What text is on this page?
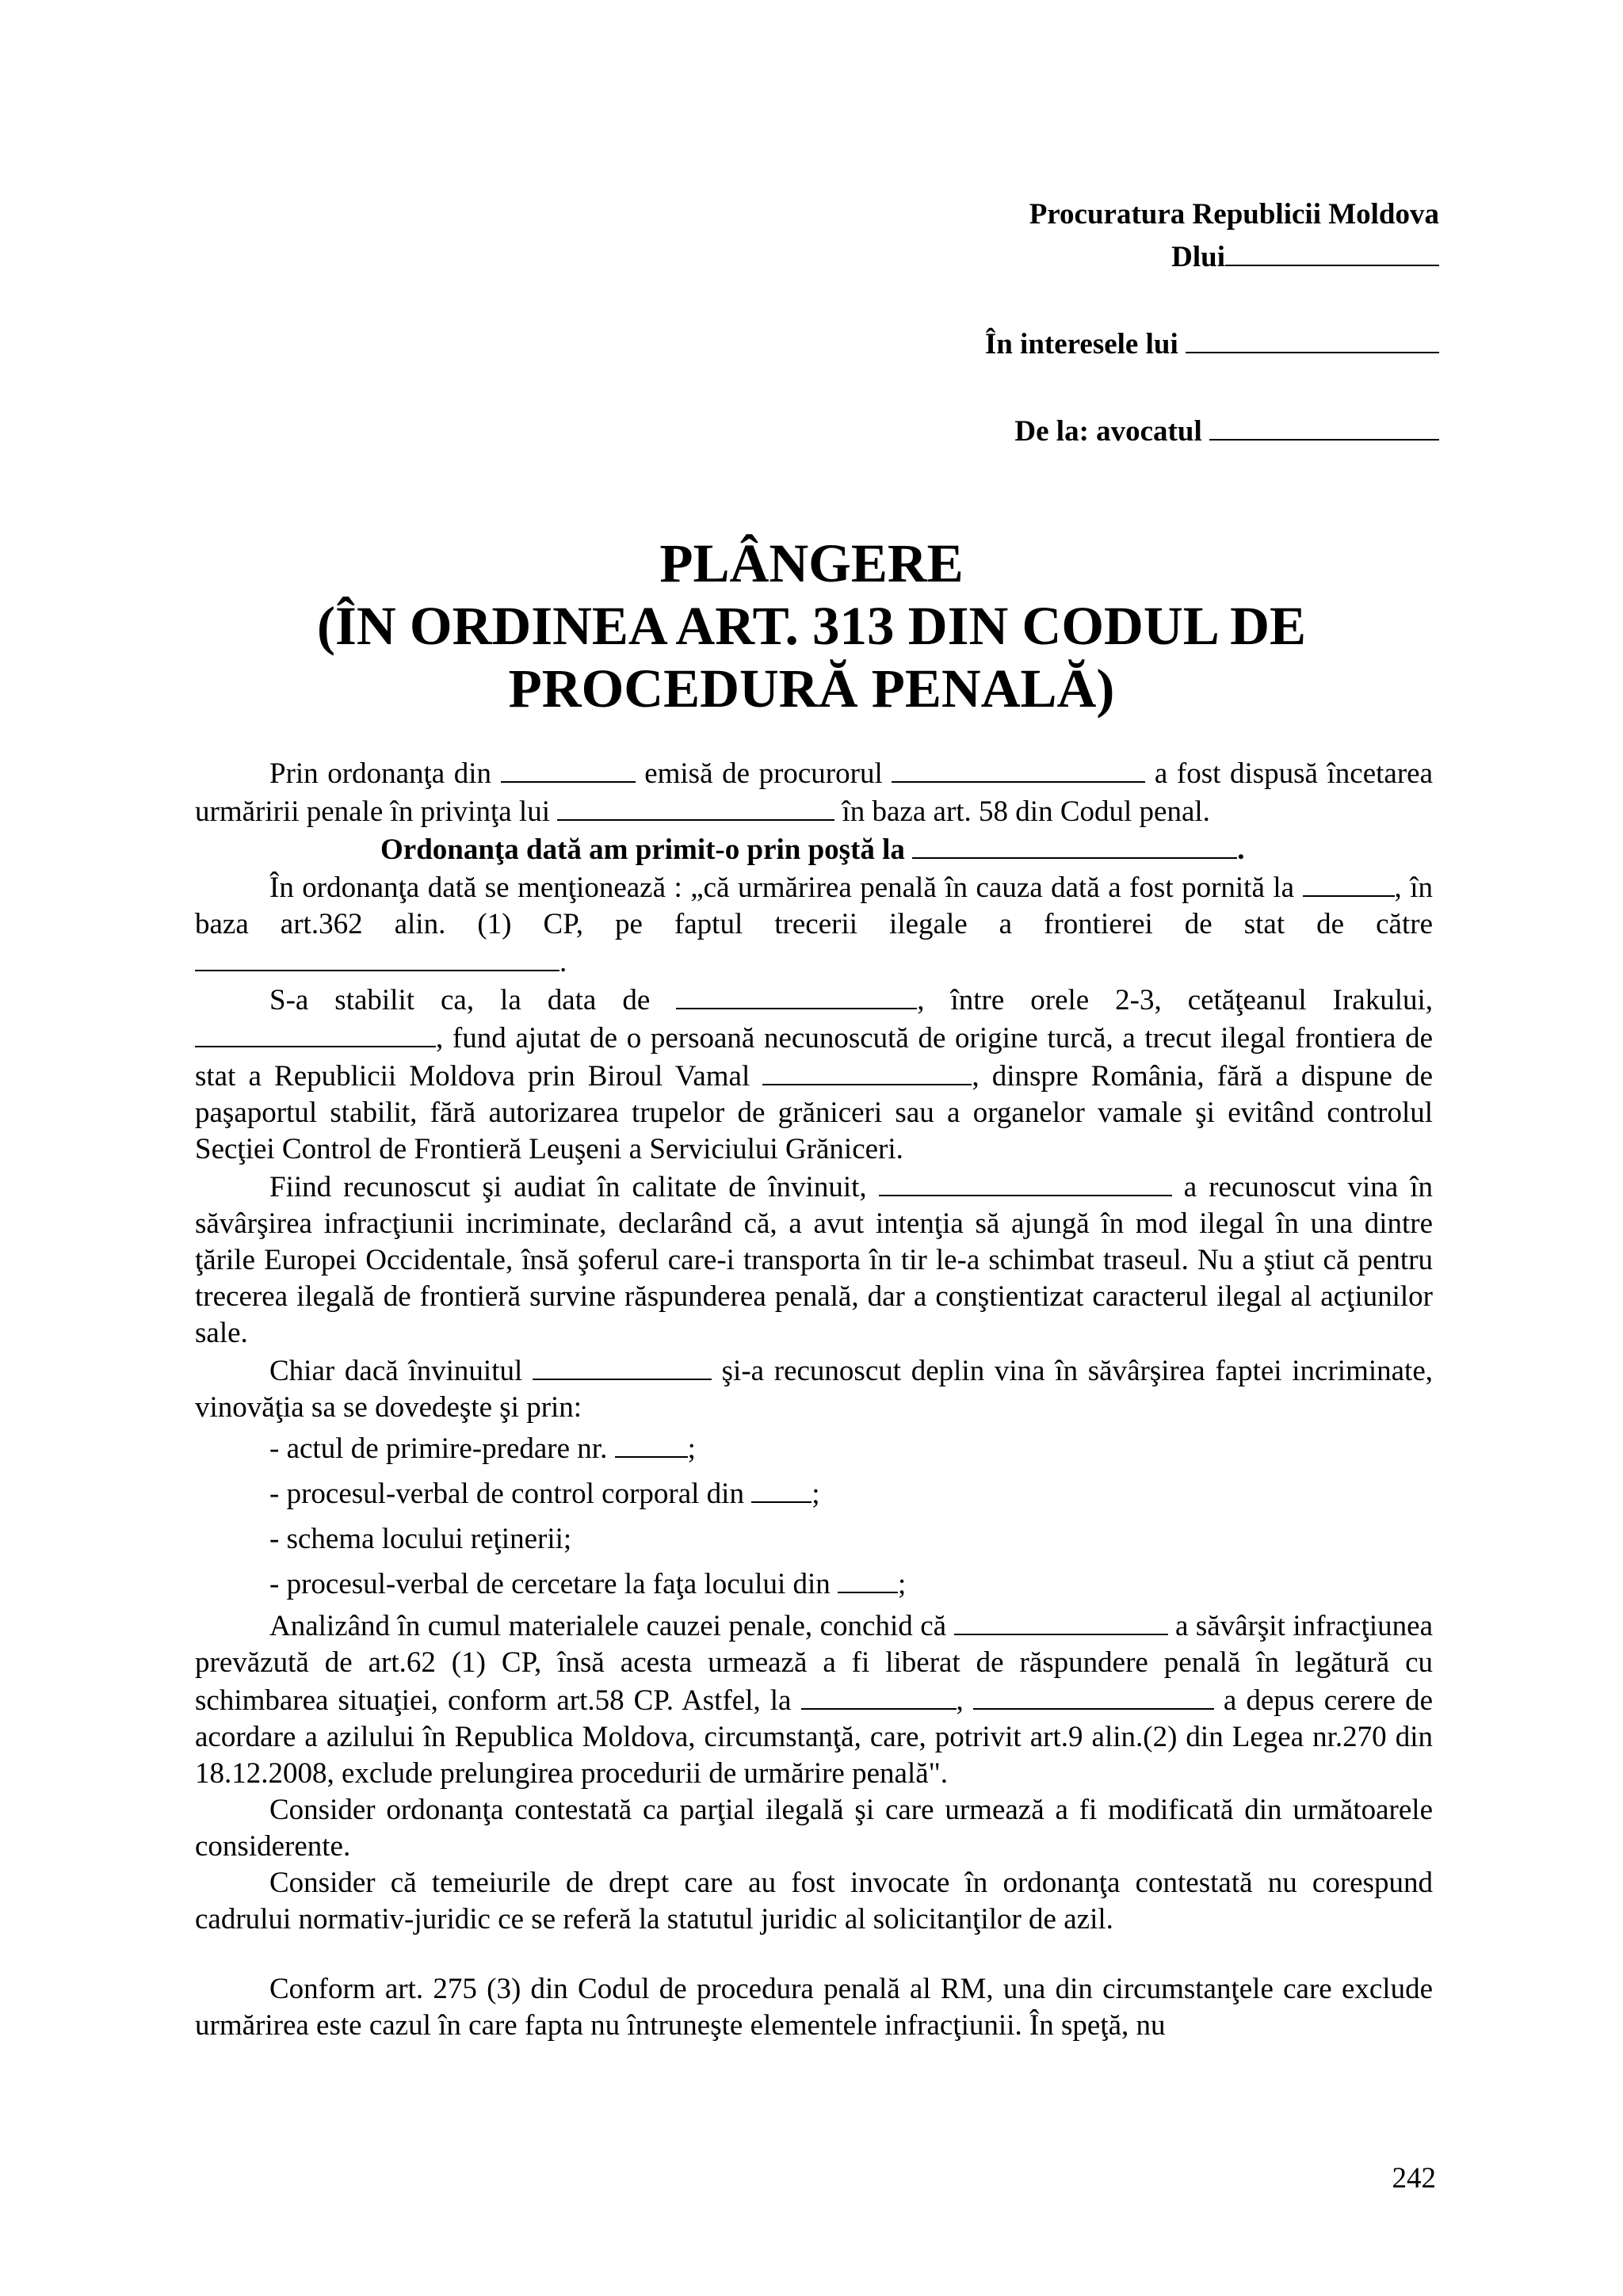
Procuratura Republicii Moldova
Dlui
În interesele lui
De la: avocatul
PLÂNGERE
(ÎN ORDINEA ART. 313 DIN CODUL DE
PROCEDURĂ PENALĂ)

Prin ordonanţa din	emisă de procurorul	a fost dispusă încetarea urmăririi penale în privinţa lui	în baza art. 58 din Codul penal.

Ordonanţa dată am primit-o prin poştă la	.

În ordonanţa dată se menţionează : „că urmărirea penală în cauza dată a fost pornită la	, în baza art.362 alin. (1) CP, pe faptul trecerii ilegale a frontierei de stat de către .

S-a stabilit ca, la data de	, între orele 2-3, cetăţeanul Irakului, , fund ajutat de o persoană necunoscută de origine turcă, a trecut ilegal frontiera de stat a Republicii Moldova prin Biroul Vamal	, dinspre România, fără a dispune de paşaportul stabilit, fără autorizarea trupelor de grăniceri sau a organelor vamale şi evitând controlul Secţiei Control de Frontieră Leuşeni a Serviciului Grăniceri.

Fiind recunoscut şi audiat în calitate de învinuit,	a recunoscut vina în săvârşirea infracţiunii incriminate, declarând că, a avut intenţia să ajungă în mod ilegal în una dintre ţările Europei Occidentale, însă şoferul care-i transporta în tir le-a schimbat traseul. Nu a ştiut că pentru trecerea ilegală de frontieră survine răspunderea penală, dar a conştientizat caracterul ilegal al acţiunilor sale.

Chiar dacă învinuitul	şi-a recunoscut deplin vina în săvârşirea faptei incriminate, vinovăţia sa se dovedeşte şi prin:

- actul de primire-predare nr.	;

- procesul-verbal de control corporal din ;

- schema locului reţinerii;

- procesul-verbal de cercetare la faţa locului din ;

Analizând în cumul materialele cauzei penale, conchid că	a săvârşit infracţiunea prevăzută de art.62 (1) CP, însă acesta urmează a fi liberat de răspundere penală în legătură cu schimbarea situaţiei, conform art.58 CP. Astfel, la	,	a depus cerere de acordare a azilului în Republica Moldova, circumstanţă, care, potrivit art.9 alin.(2) din Legea nr.270 din 18.12.2008, exclude prelungirea procedurii de urmărire penală".

Consider ordonanţa contestată ca parţial ilegală şi care urmează a fi modificată din următoarele considerente.

Consider că temeiurile de drept care au fost invocate în ordonanţa contestată nu corespund cadrului normativ-juridic ce se referă la statutul juridic al solicitanţilor de azil.

Conform art. 275 (3) din Codul de procedura penală al RM, una din circumstanţele care exclude urmărirea este cazul în care fapta nu întruneşte elementele infracţiunii. În speţă, nu

242
